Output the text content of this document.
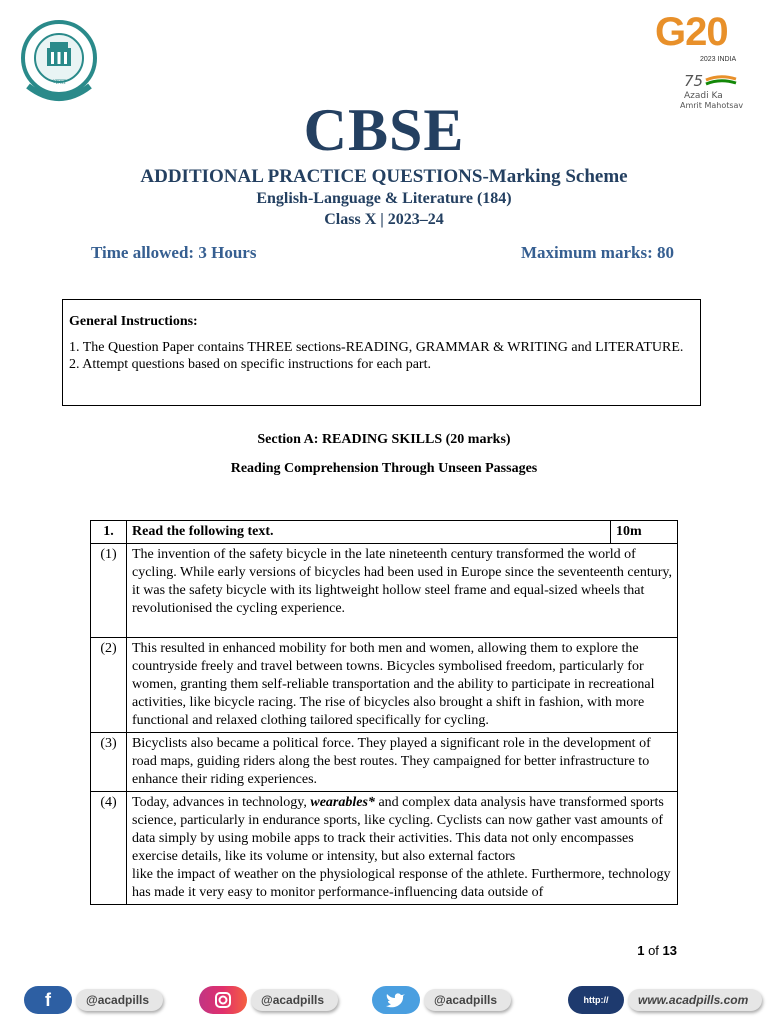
भारत
G20
2023 INDIA
75
Azadi Ka
Amrit Mahotsav
CBSE
ADDITIONAL PRACTICE QUESTIONS-Marking Scheme
English-Language & Literature (184)
Class X | 2023–24
Time allowed: 3 Hours	Maximum marks: 80
General Instructions:
1. The Question Paper contains THREE sections-READING, GRAMMAR & WRITING and LITERATURE.
2. Attempt questions based on specific instructions for each part.
Section A: READING SKILLS (20 marks)
Reading Comprehension Through Unseen Passages
1.	Read the following text.	10m
(1)	The invention of the safety bicycle in the late nineteenth century transformed the world of cycling. While early versions of bicycles had been used in Europe since the seventeenth century, it was the safety bicycle with its lightweight hollow steel frame and equal-sized wheels that revolutionised the cycling experience.	
(2)	This resulted in enhanced mobility for both men and women, allowing them to explore the countryside freely and travel between towns. Bicycles symbolised freedom, particularly for women, granting them self-reliable transportation and the ability to participate in recreational activities, like bicycle racing. The rise of bicycles also brought a shift in fashion, with more functional and relaxed clothing tailored specifically for cycling.	
(3)	Bicyclists also became a political force. They played a significant role in the development of road maps, guiding riders along the best routes. They campaigned for better infrastructure to enhance their riding experiences.	
(4)	Today, advances in technology, wearables* and complex data analysis have transformed sports science, particularly in endurance sports, like cycling. Cyclists can now gather vast amounts of data simply by using mobile apps to track their activities. This data not only encompasses exercise details, like its volume or intensity, but also external factors
like the impact of weather on the physiological response of the athlete. Furthermore, technology has made it very easy to monitor performance-influencing data outside of	
1 of 13
f	@acadpills	@acadpills	@acadpills	http://	www.acadpills.com
